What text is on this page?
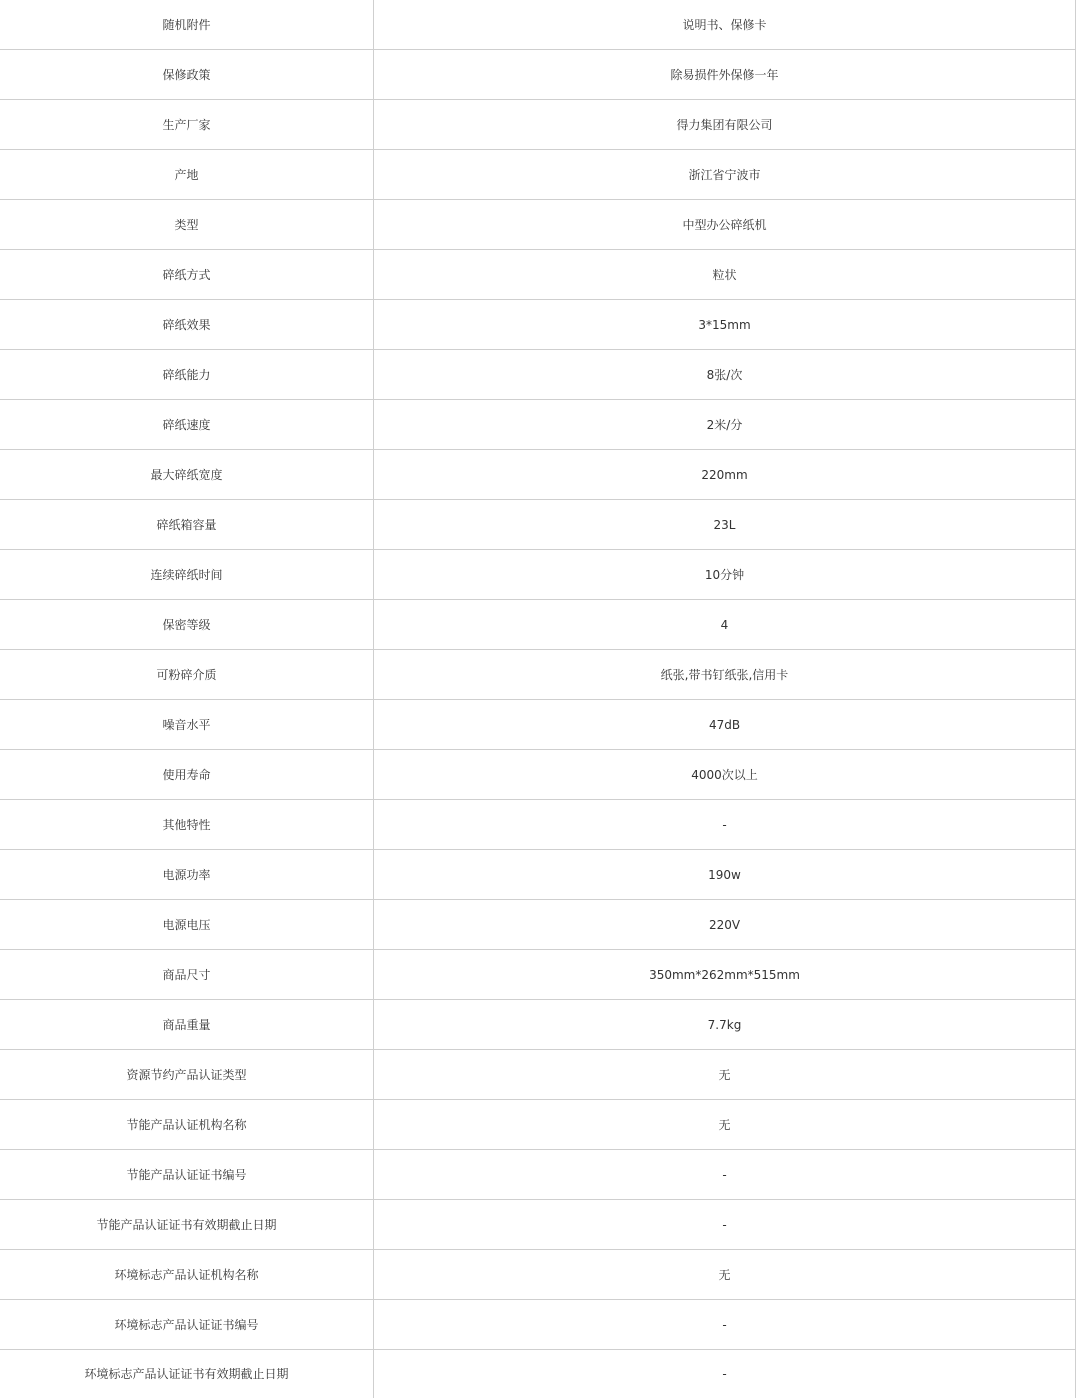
随机附件	说明书、保修卡
保修政策	除易损件外保修一年
生产厂家	得力集团有限公司
产地	浙江省宁波市
类型	中型办公碎纸机
碎纸方式	粒状
碎纸效果	3*15mm
碎纸能力	8张/次
碎纸速度	2米/分
最大碎纸宽度	220mm
碎纸箱容量	23L
连续碎纸时间	10分钟
保密等级	4
可粉碎介质	纸张,带书钉纸张,信用卡
噪音水平	47dB
使用寿命	4000次以上
其他特性	-
电源功率	190w
电源电压	220V
商品尺寸	350mm*262mm*515mm
商品重量	7.7kg
资源节约产品认证类型	无
节能产品认证机构名称	无
节能产品认证证书编号	-
节能产品认证证书有效期截止日期	-
环境标志产品认证机构名称	无
环境标志产品认证证书编号	-
环境标志产品认证证书有效期截止日期	-
